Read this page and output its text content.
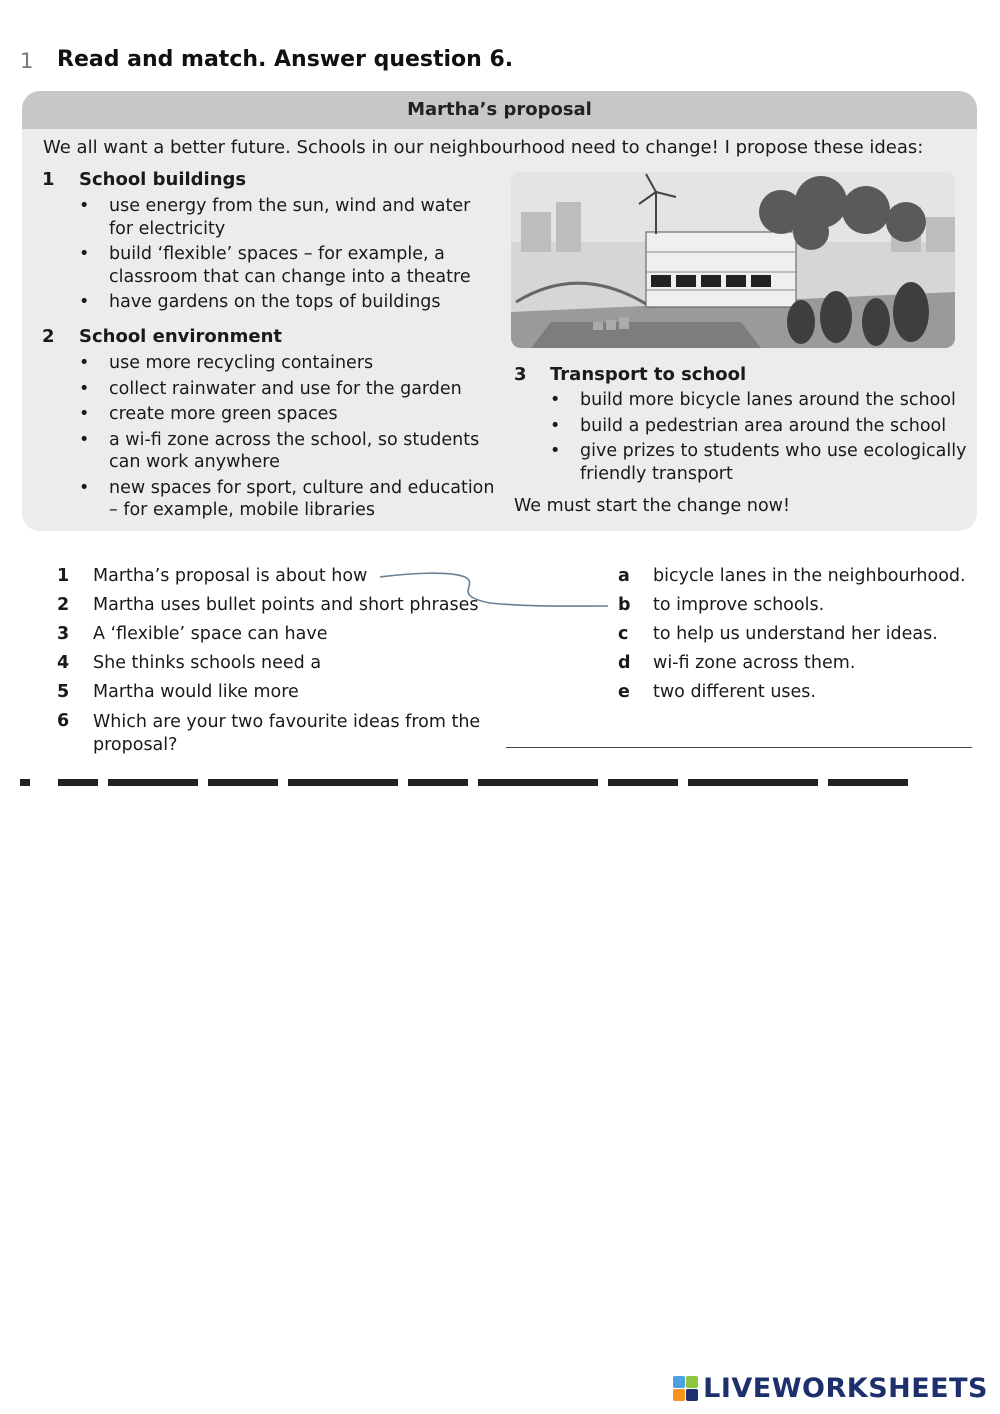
1 Read and match. Answer question 6.
Martha’s proposal
We all want a better future. Schools in our neighbourhood need to change! I propose these ideas:
1 School buildings
• use energy from the sun, wind and water for electricity
• build ‘flexible’ spaces – for example, a classroom that can change into a theatre
• have gardens on the tops of buildings
2 School environment
• use more recycling containers
• collect rainwater and use for the garden
• create more green spaces
• a wi-fi zone across the school, so students can work anywhere
• new spaces for sport, culture and education – for example, mobile libraries
3 Transport to school
• build more bicycle lanes around the school
• build a pedestrian area around the school
• give prizes to students who use ecologically friendly transport
We must start the change now!
1 Martha’s proposal is about how
2 Martha uses bullet points and short phrases
3 A ‘flexible’ space can have
4 She thinks schools need a
5 Martha would like more
6 Which are your two favourite ideas from the proposal?
a bicycle lanes in the neighbourhood.
b to improve schools.
c to help us understand her ideas.
d wi-fi zone across them.
e two different uses.
LIVEWORKSHEETS
